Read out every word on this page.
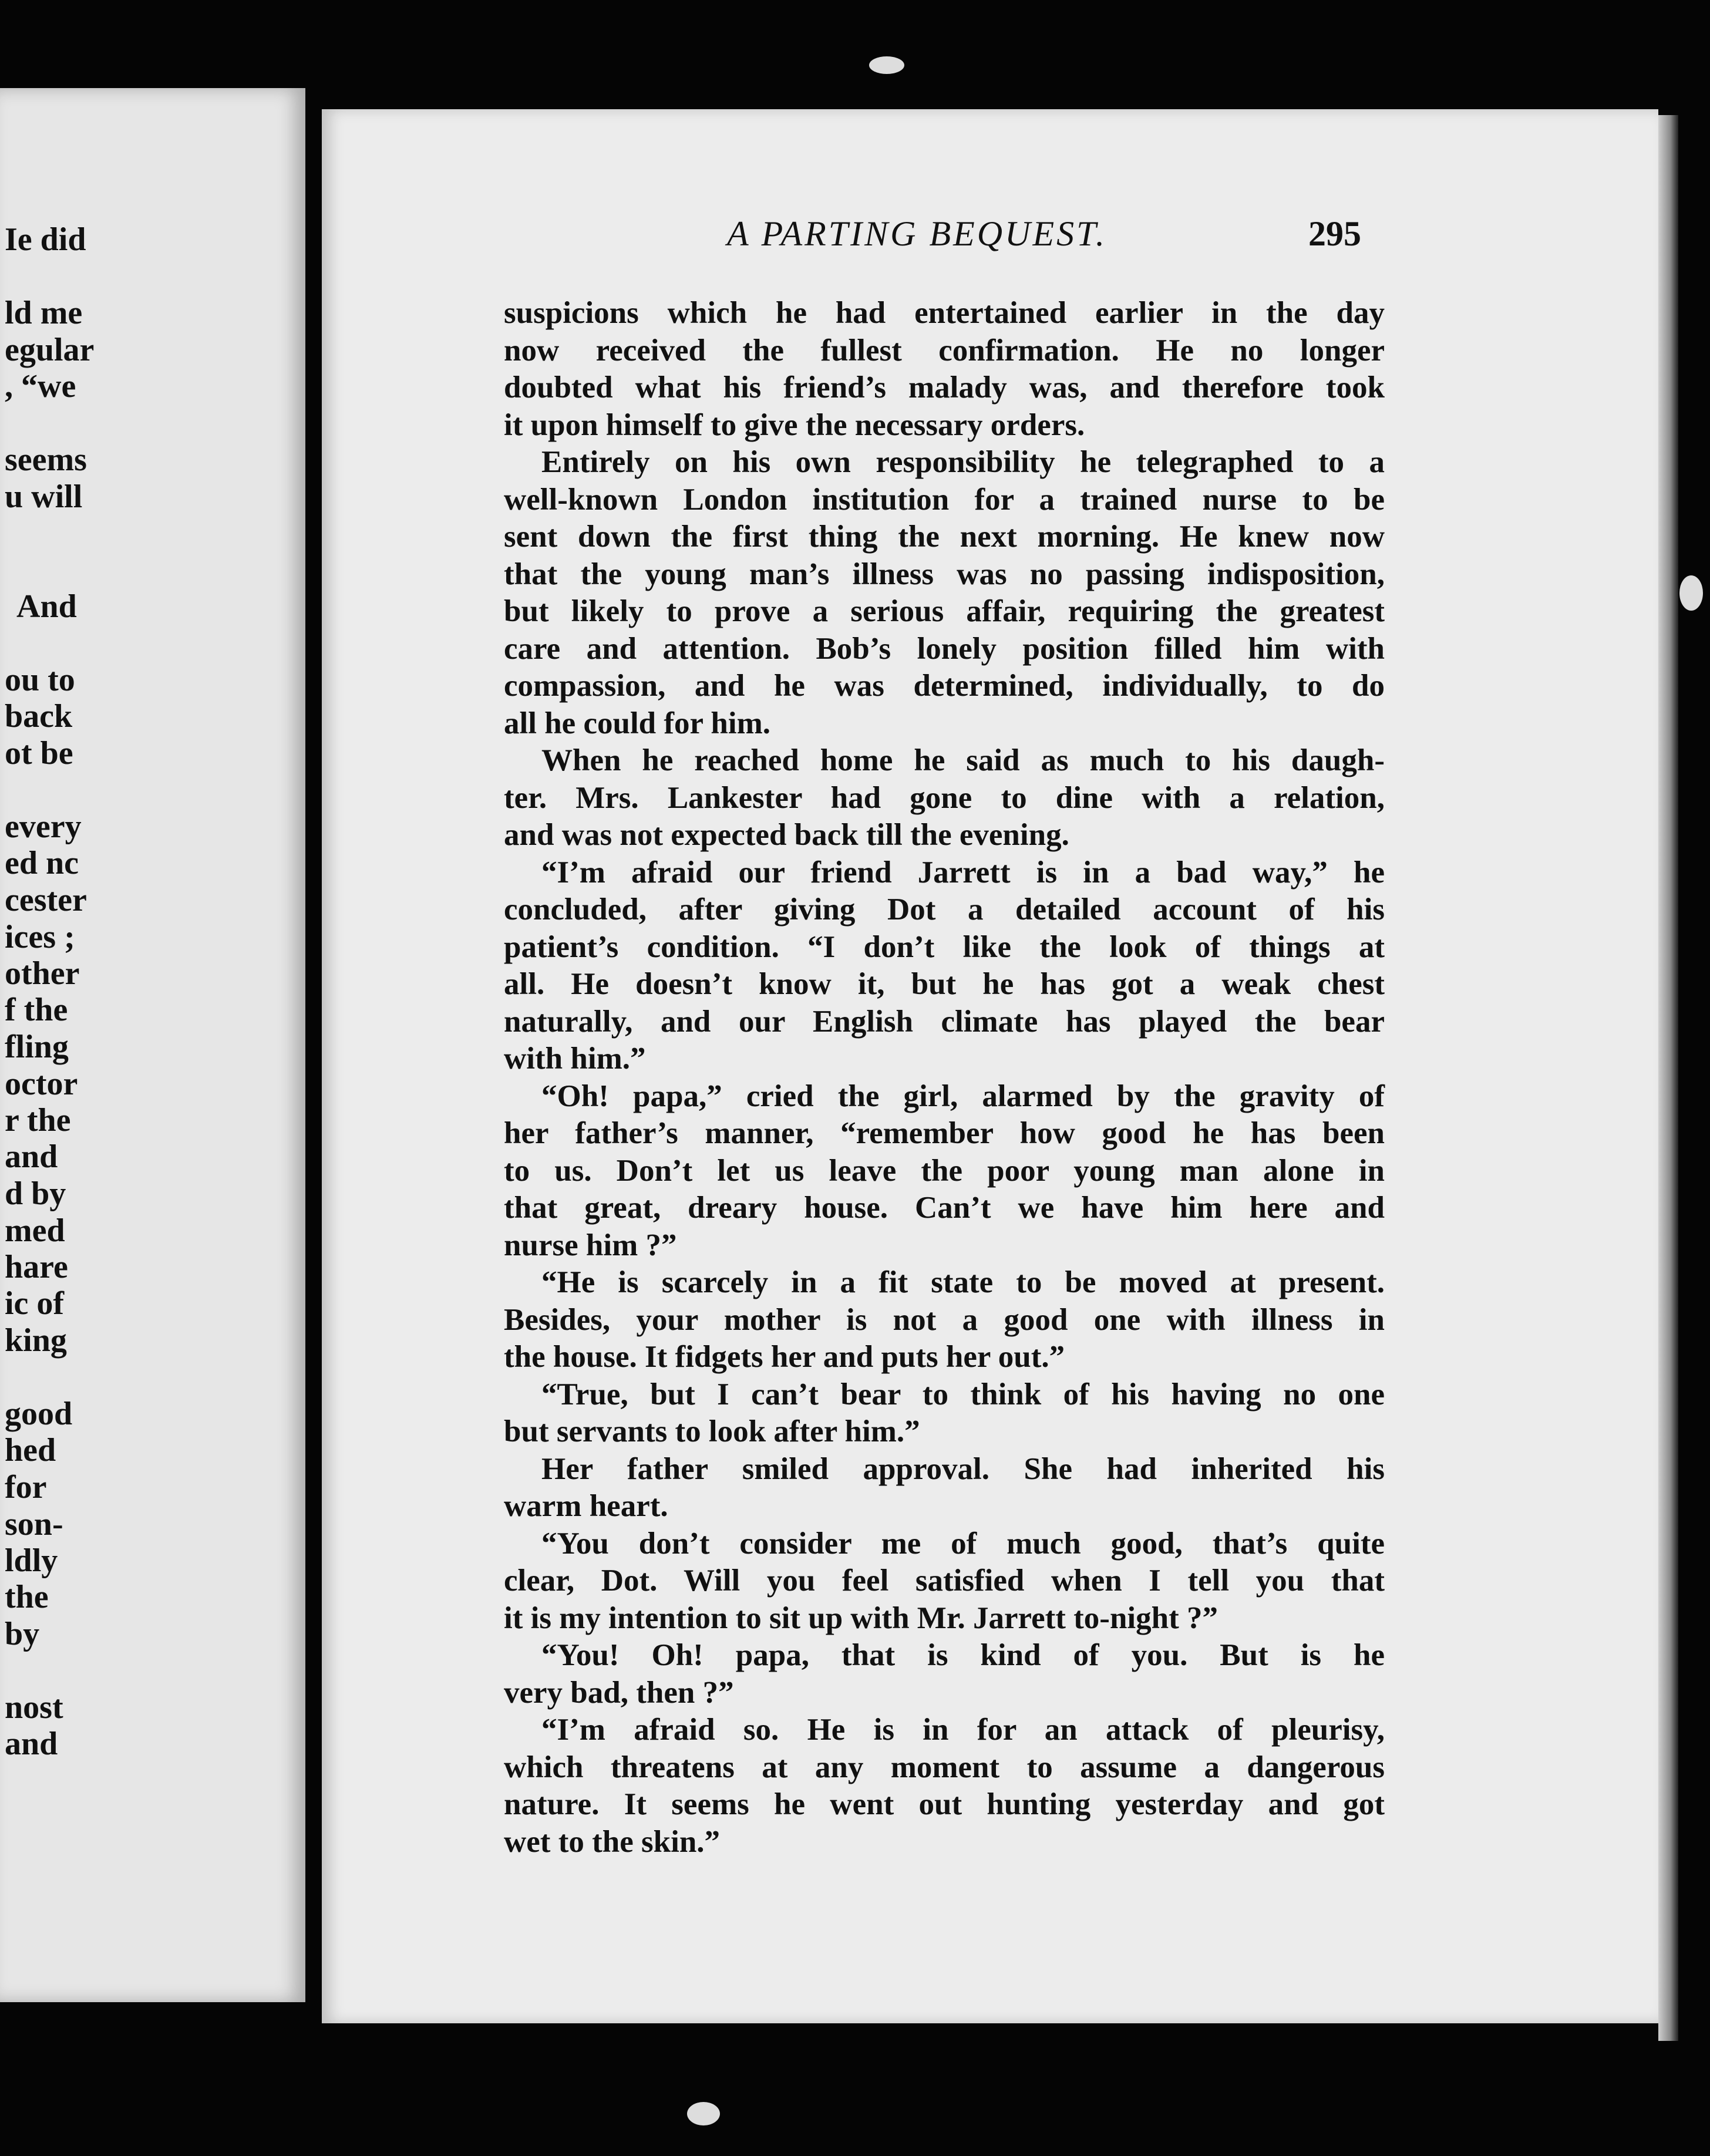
Ie did
ld me
egular
, “we
seems
u will
And
ou to
back
ot be
every
ed nc
cester
ices ;
other
f the
fling
octor
r the
and
d by
med
hare
ic of
king
good
hed
for
son-
ldly
the
by
nost
and
A PARTING BEQUEST.	295
suspicions which he had entertained earlier in the day
now received the fullest confirmation. He no longer
doubted what his friend’s malady was, and therefore took
it upon himself to give the necessary orders.
Entirely on his own responsibility he telegraphed to a
well-known London institution for a trained nurse to be
sent down the first thing the next morning. He knew now
that the young man’s illness was no passing indisposition,
but likely to prove a serious affair, requiring the greatest
care and attention. Bob’s lonely position filled him with
compassion, and he was determined, individually, to do
all he could for him.
When he reached home he said as much to his daugh-
ter. Mrs. Lankester had gone to dine with a relation,
and was not expected back till the evening.
“I’m afraid our friend Jarrett is in a bad way,” he
concluded, after giving Dot a detailed account of his
patient’s condition. “I don’t like the look of things at
all. He doesn’t know it, but he has got a weak chest
naturally, and our English climate has played the bear
with him.”
“Oh! papa,” cried the girl, alarmed by the gravity of
her father’s manner, “remember how good he has been
to us. Don’t let us leave the poor young man alone in
that great, dreary house. Can’t we have him here and
nurse him ?”
“He is scarcely in a fit state to be moved at present.
Besides, your mother is not a good one with illness in
the house. It fidgets her and puts her out.”
“True, but I can’t bear to think of his having no one
but servants to look after him.”
Her father smiled approval. She had inherited his
warm heart.
“You don’t consider me of much good, that’s quite
clear, Dot. Will you feel satisfied when I tell you that
it is my intention to sit up with Mr. Jarrett to-night ?”
“You! Oh! papa, that is kind of you. But is he
very bad, then ?”
“I’m afraid so. He is in for an attack of pleurisy,
which threatens at any moment to assume a dangerous
nature. It seems he went out hunting yesterday and got
wet to the skin.”
